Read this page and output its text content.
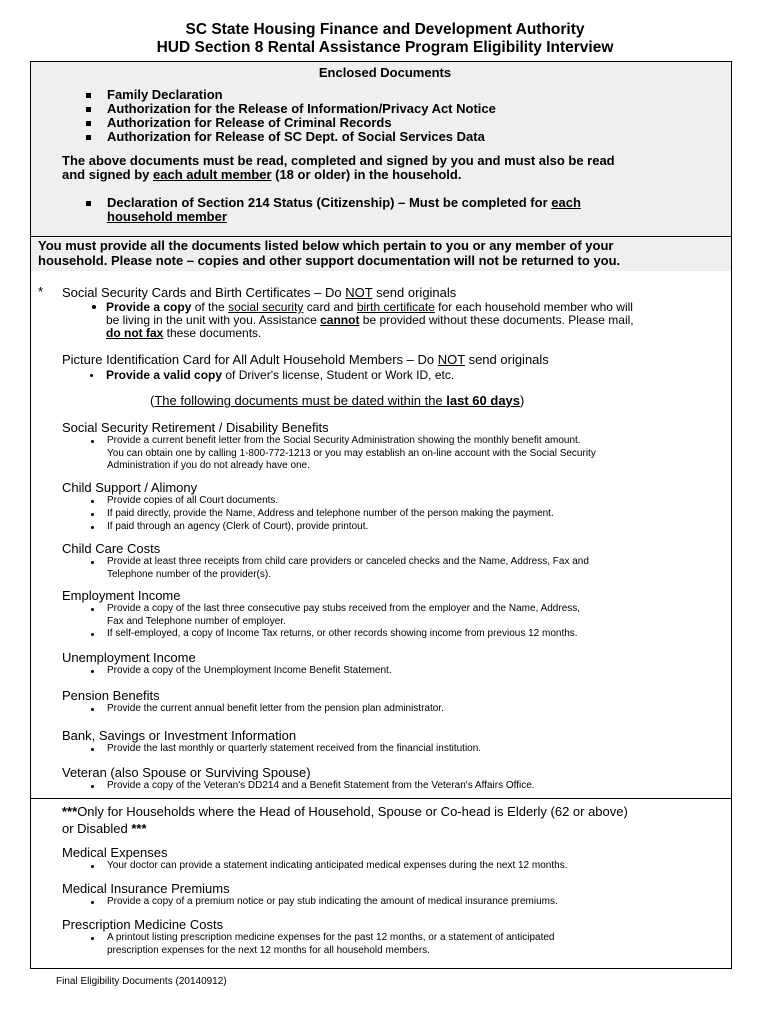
SC State Housing Finance and Development Authority
HUD Section 8 Rental Assistance Program Eligibility Interview
Enclosed Documents
Family Declaration
Authorization for the Release of Information/Privacy Act Notice
Authorization for Release of Criminal Records
Authorization for Release of SC Dept. of Social Services Data
The above documents must be read, completed and signed by you and must also be read
and signed by each adult member (18 or older) in the household.
Declaration of Section 214 Status (Citizenship) – Must be completed for each
household member
You must provide all the documents listed below which pertain to you or any member of your
household. Please note – copies and other support documentation will not be returned to you.
* Social Security Cards and Birth Certificates – Do NOT send originals
Provide a copy of the social security card and birth certificate for each household member who will
be living in the unit with you. Assistance cannot be provided without these documents. Please mail,
do not fax these documents.
Picture Identification Card for All Adult Household Members – Do NOT send originals
Provide a valid copy of Driver's license, Student or Work ID, etc.
(The following documents must be dated within the last 60 days)
Social Security Retirement / Disability Benefits
Provide a current benefit letter from the Social Security Administration showing the monthly benefit amount.
You can obtain one by calling 1-800-772-1213 or you may establish an on-line account with the Social Security
Administration if you do not already have one.
Child Support / Alimony
Provide copies of all Court documents.
If paid directly, provide the Name, Address and telephone number of the person making the payment.
If paid through an agency (Clerk of Court), provide printout.
Child Care Costs
Provide at least three receipts from child care providers or canceled checks and the Name, Address, Fax and
Telephone number of the provider(s).
Employment Income
Provide a copy of the last three consecutive pay stubs received from the employer and the Name, Address,
Fax and Telephone number of employer.
If self-employed, a copy of Income Tax returns, or other records showing income from previous 12 months.
Unemployment Income
Provide a copy of the Unemployment Income Benefit Statement.
Pension Benefits
Provide the current annual benefit letter from the pension plan administrator.
Bank, Savings or Investment Information
Provide the last monthly or quarterly statement received from the financial institution.
Veteran (also Spouse or Surviving Spouse)
Provide a copy of the Veteran's DD214 and a Benefit Statement from the Veteran's Affairs Office.
***Only for Households where the Head of Household, Spouse or Co-head is Elderly (62 or above)
or Disabled ***
Medical Expenses
Your doctor can provide a statement indicating anticipated medical expenses during the next 12 months.
Medical Insurance Premiums
Provide a copy of a premium notice or pay stub indicating the amount of medical insurance premiums.
Prescription Medicine Costs
A printout listing prescription medicine expenses for the past 12 months, or a statement of anticipated
prescription expenses for the next 12 months for all household members.
Final Eligibility Documents (20140912)
